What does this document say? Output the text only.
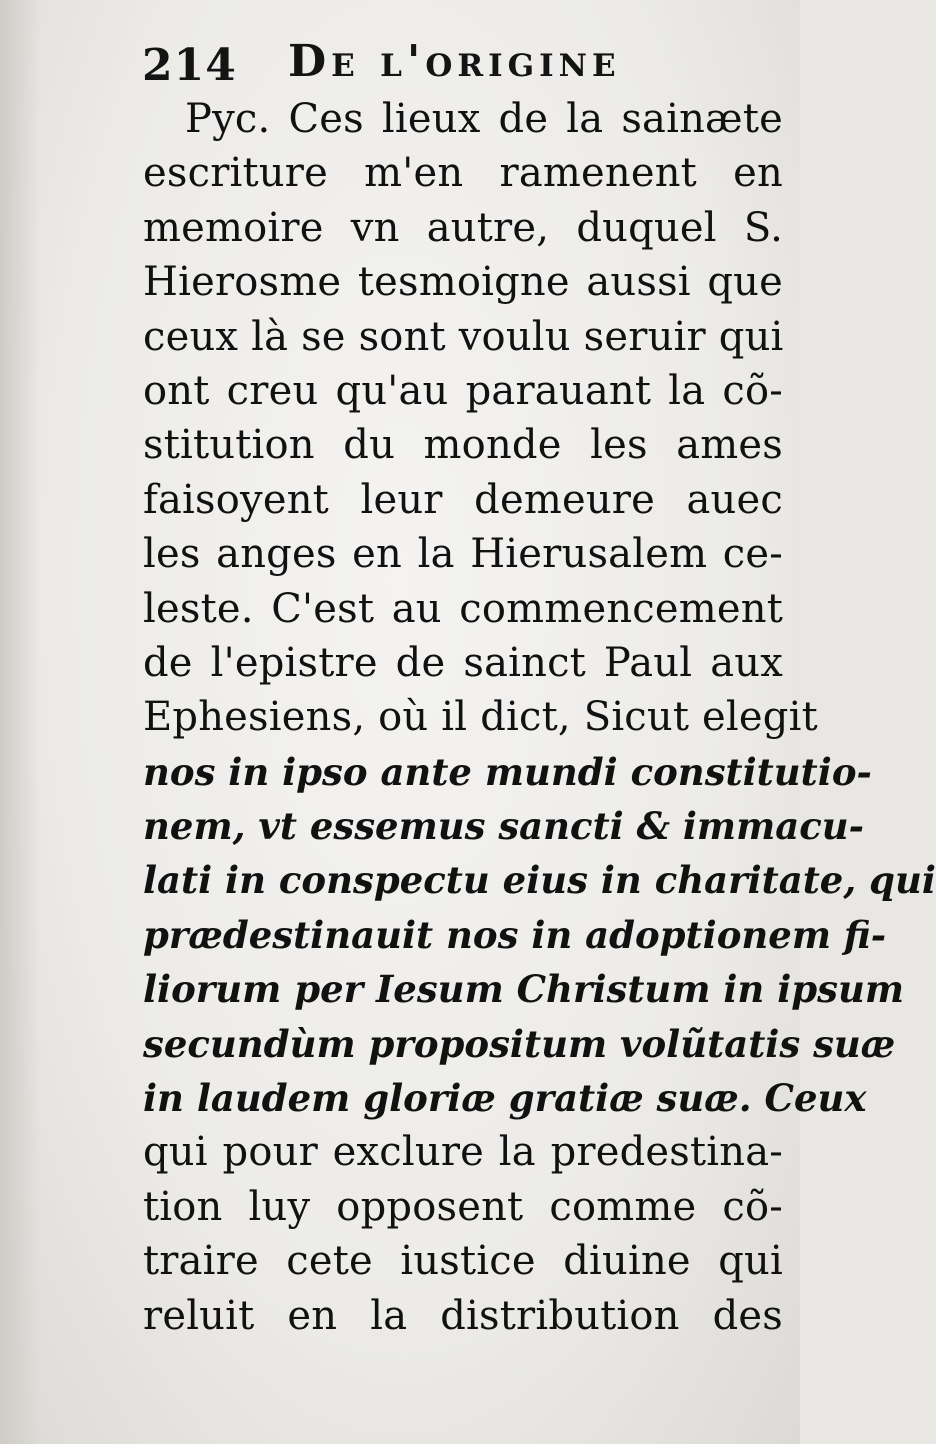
214 De l'origine
Pyc. Ces lieux de la sainӕte
escriture m'en ramenent en
memoire vn autre, duquel S.
Hierosme tesmoigne aussi que
ceux là se sont voulu seruir qui
ont creu qu'au parauant la cõ-
stitution du monde les ames
faisoyent leur demeure auec
les anges en la Hierusalem ce-
leste. C'est au commencement
de l'epistre de sainct Paul aux
Ephesiens, où il dict, Sicut elegit
nos in ipso ante mundi constitutio-
nem, vt essemus sancti & immacu-
lati in conspectu eius in charitate, qui
prædestinauit nos in adoptionem fi-
liorum per Iesum Christum in ipsum
secundùm propositum volũtatis suæ
in laudem gloriæ gratiæ suæ. Ceux
qui pour exclure la predestina-
tion luy opposent comme cõ-
traire cete iustice diuine qui
reluit en la distribution des
